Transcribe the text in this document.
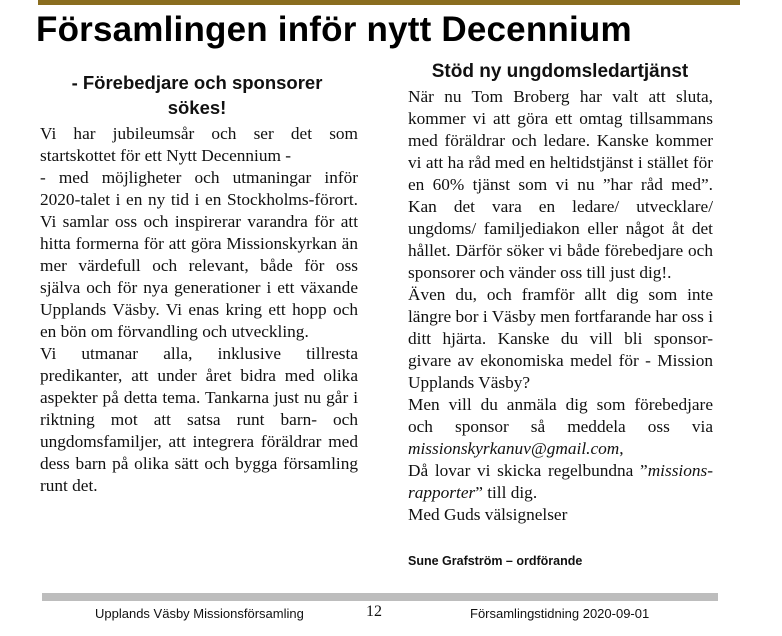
Församlingen inför nytt Decennium
- Förebedjare och sponsorer sökes!

Vi har jubileumsår och ser det som startskottet för ett Nytt Decennium -

- med möjligheter och utmaningar inför 2020-talet i en ny tid i en Stockholms-förort. Vi samlar oss och inspirerar varandra för att hitta formerna för att göra Missionskyrkan än mer värdefull och relevant, både för oss själva och för nya generationer i ett växande Upplands Väsby. Vi enas kring ett hopp och en bön om förvandling och utveckling.

Vi utmanar alla, inklusive tillresta predikanter, att under året bidra med olika aspekter på detta tema. Tankarna just nu går i riktning mot att satsa runt barn- och ungdomsfamiljer, att integrera föräldrar med dess barn på olika sätt och bygga församling runt det.

Stöd ny ungdomsledartjänst

När nu Tom Broberg har valt att sluta, kommer vi att göra ett omtag tillsammans med föräldrar och ledare. Kanske kommer vi att ha råd med en heltidstjänst i stället för en 60% tjänst som vi nu ”har råd med”. Kan det vara en ledare/ utvecklare/ ungdoms/ familjediakon eller något åt det hållet. Därför söker vi både förebedjare och sponsorer och vänder oss till just dig!.

Även du, och framför allt dig som inte längre bor i Väsby men fortfarande har oss i ditt hjärta. Kanske du vill bli sponsor-givare av ekonomiska medel för - Mission Upplands Väsby?

Men vill du anmäla dig som förebedjare och sponsor så meddela oss via missionskyrkanuv@gmail.com,

Då lovar vi skicka regelbundna ”missions-rapporter” till dig.

Med Guds välsignelser

Sune Grafström – ordförande
Upplands Väsby Missionsförsamling	12	Församlingstidning 2020-09-01
